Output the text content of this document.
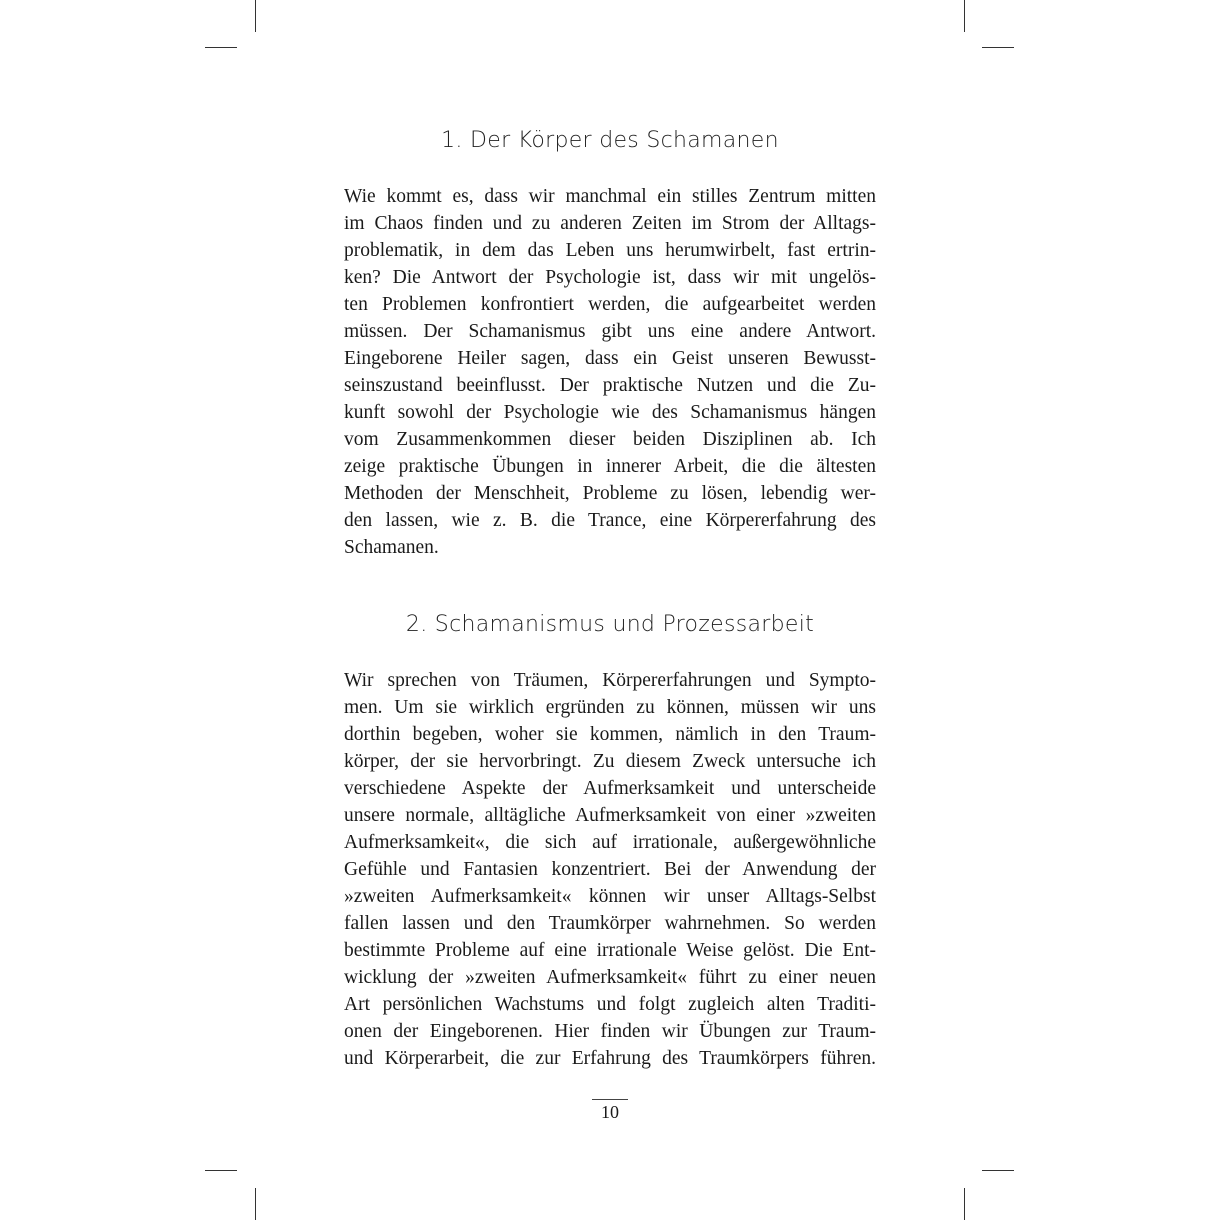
1. Der Körper des Schamanen
Wie kommt es, dass wir manchmal ein stilles Zentrum mitten
im Chaos finden und zu anderen Zeiten im Strom der Alltags-
problematik, in dem das Leben uns herumwirbelt, fast ertrin-
ken? Die Antwort der Psychologie ist, dass wir mit ungelös-
ten Problemen konfrontiert werden, die aufgearbeitet werden
müssen. Der Schamanismus gibt uns eine andere Antwort.
Eingeborene Heiler sagen, dass ein Geist unseren Bewusst-
seinszustand beeinflusst. Der praktische Nutzen und die Zu-
kunft sowohl der Psychologie wie des Schamanismus hängen
vom Zusammenkommen dieser beiden Disziplinen ab. Ich
zeige praktische Übungen in innerer Arbeit, die die ältesten
Methoden der Menschheit, Probleme zu lösen, lebendig wer-
den lassen, wie z. B. die Trance, eine Körpererfahrung des
Schamanen.
2. Schamanismus und Prozessarbeit
Wir sprechen von Träumen, Körpererfahrungen und Sympto-
men. Um sie wirklich ergründen zu können, müssen wir uns
dorthin begeben, woher sie kommen, nämlich in den Traum-
körper, der sie hervorbringt. Zu diesem Zweck untersuche ich
verschiedene Aspekte der Aufmerksamkeit und unterscheide
unsere normale, alltägliche Aufmerksamkeit von einer »zweiten
Aufmerksamkeit«, die sich auf irrationale, außergewöhnliche
Gefühle und Fantasien konzentriert. Bei der Anwendung der
»zweiten Aufmerksamkeit« können wir unser Alltags-Selbst
fallen lassen und den Traumkörper wahrnehmen. So werden
bestimmte Probleme auf eine irrationale Weise gelöst. Die Ent-
wicklung der »zweiten Aufmerksamkeit« führt zu einer neuen
Art persönlichen Wachstums und folgt zugleich alten Traditi-
onen der Eingeborenen. Hier finden wir Übungen zur Traum-
und Körperarbeit, die zur Erfahrung des Traumkörpers führen.
10
